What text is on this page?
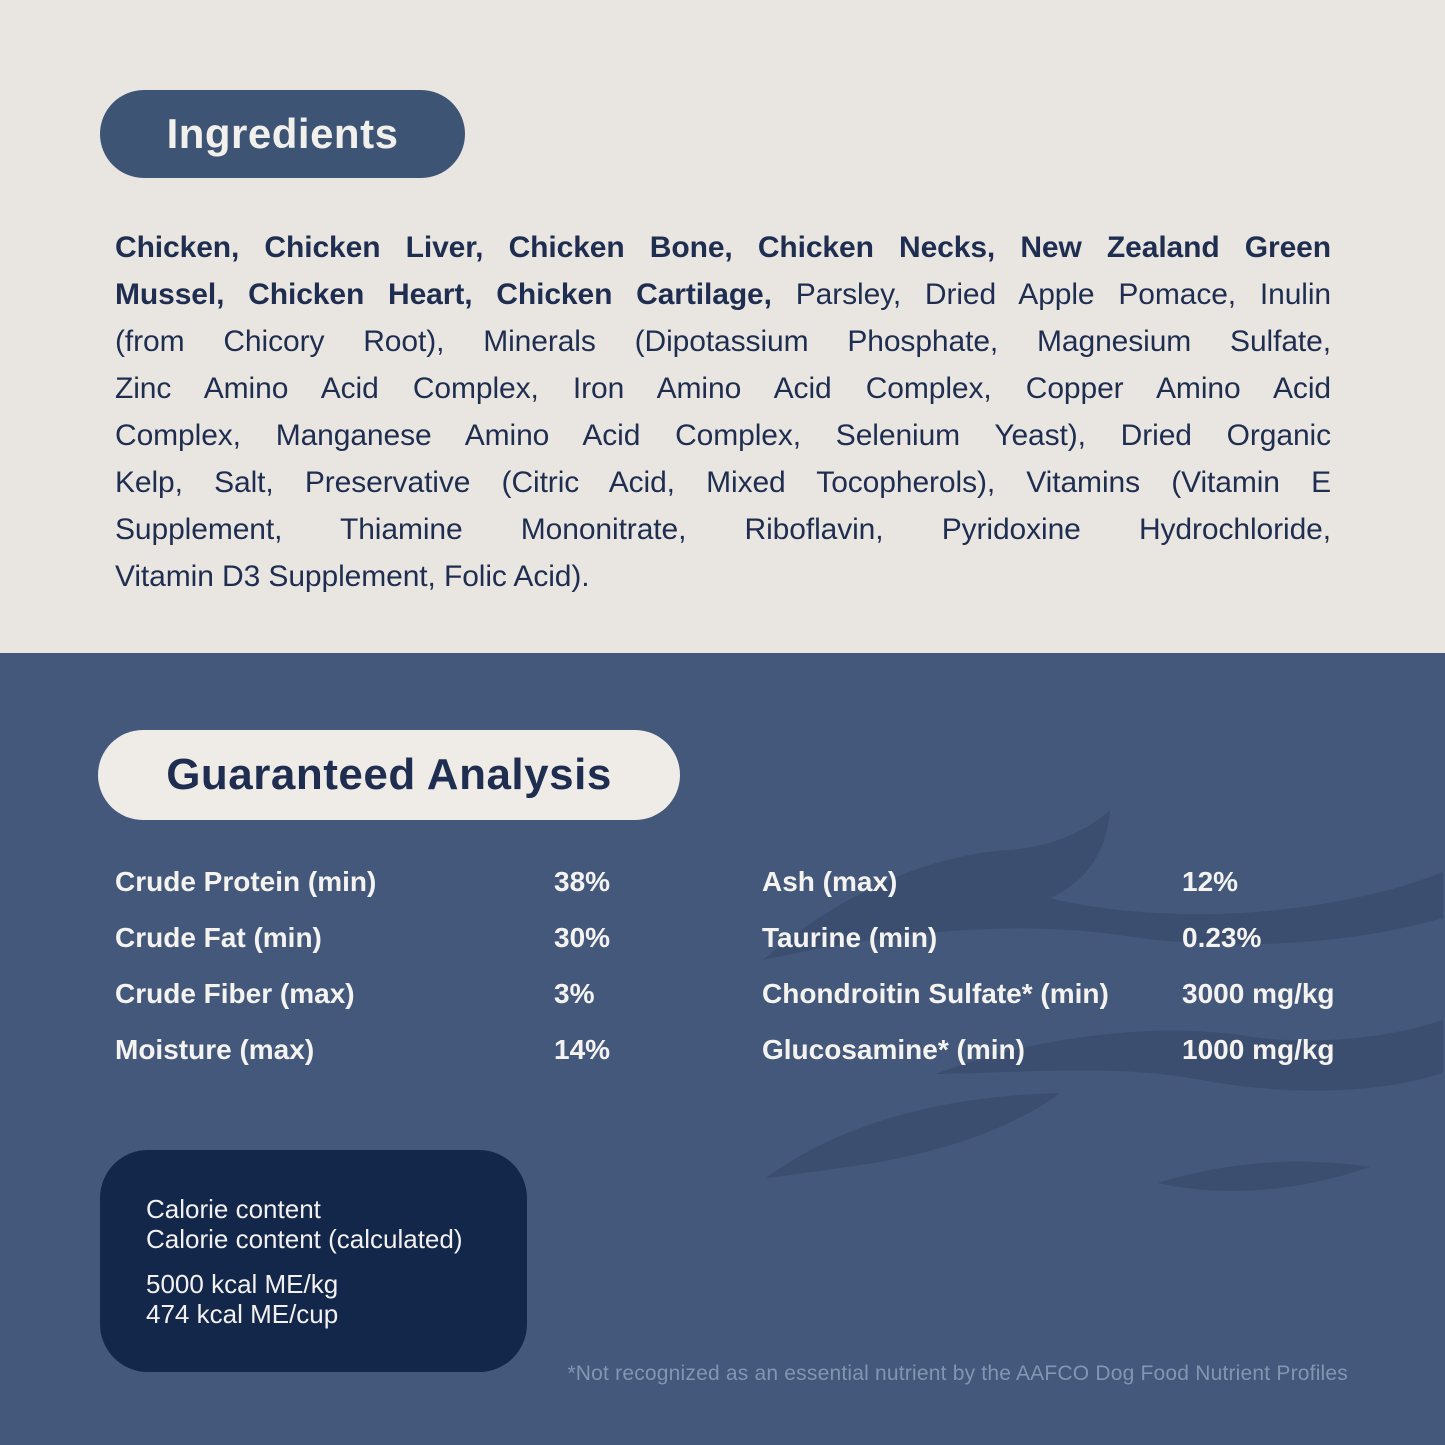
Ingredients
Chicken, Chicken Liver, Chicken Bone, Chicken Necks, New Zealand Green
Mussel, Chicken Heart, Chicken Cartilage, Parsley, Dried Apple Pomace, Inulin
(from Chicory Root), Minerals (Dipotassium Phosphate, Magnesium Sulfate,
Zinc Amino Acid Complex, Iron Amino Acid Complex, Copper Amino Acid
Complex, Manganese Amino Acid Complex, Selenium Yeast), Dried Organic
Kelp, Salt, Preservative (Citric Acid, Mixed Tocopherols), Vitamins (Vitamin E
Supplement, Thiamine Mononitrate, Riboflavin, Pyridoxine Hydrochloride,
Vitamin D3 Supplement, Folic Acid).
Guaranteed Analysis
Crude Protein (min)	38%
Crude Fat (min)	30%
Crude Fiber (max)	3%
Moisture (max)	14%
Ash (max)	12%
Taurine (min)	0.23%
Chondroitin Sulfate* (min)	3000 mg/kg
Glucosamine* (min)	1000 mg/kg

Calorie content
Calorie content (calculated)

5000 kcal ME/kg
474 kcal ME/cup

*Not recognized as an essential nutrient by the AAFCO Dog Food Nutrient Profiles
